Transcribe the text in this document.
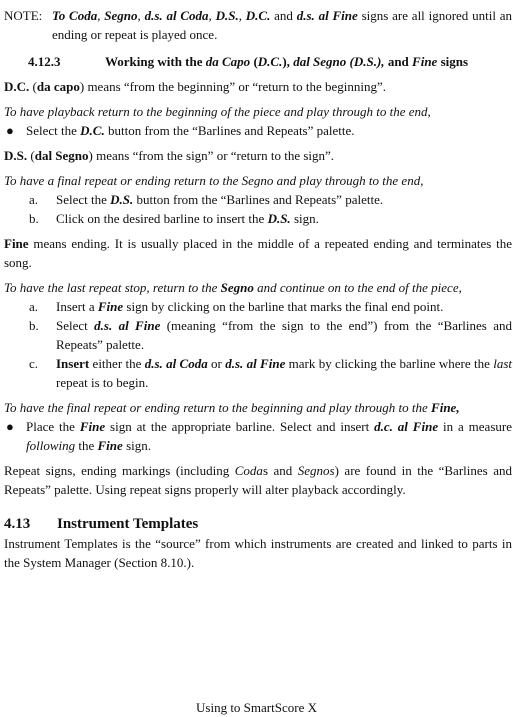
NOTE: To Coda, Segno, d.s. al Coda, D.S., D.C. and d.s. al Fine signs are all ignored until an ending or repeat is played once.
4.12.3	Working with the da Capo (D.C.), dal Segno (D.S.), and Fine signs

D.C. (da capo) means “from the beginning” or “return to the beginning”.

To have playback return to the beginning of the piece and play through to the end,

● Select the D.C. button from the “Barlines and Repeats” palette.

D.S. (dal Segno) means “from the sign” or “return to the sign”.

To have a final repeat or ending return to the Segno and play through to the end,

a.	Select the D.S. button from the “Barlines and Repeats” palette.
b.	Click on the desired barline to insert the D.S. sign.

Fine means ending. It is usually placed in the middle of a repeated ending and terminates the song.

To have the last repeat stop, return to the Segno and continue on to the end of the piece,

a.	Insert a Fine sign by clicking on the barline that marks the final end point.
b.	Select d.s. al Fine (meaning “from the sign to the end”) from the “Barlines and Repeats” palette.
c.	Insert either the d.s. al Coda or d.s. al Fine mark by clicking the barline where the last repeat is to begin.

To have the final repeat or ending return to the beginning and play through to the Fine,

● Place the Fine sign at the appropriate barline. Select and insert d.c. al Fine in a measure following the Fine sign.

Repeat signs, ending markings (including Codas and Segnos) are found in the “Barlines and Repeats” palette. Using repeat signs properly will alter playback accordingly.

4.13	Instrument Templates

Instrument Templates is the “source” from which instruments are created and linked to parts in the System Manager (Section 8.10.).

Using to SmartScore X
